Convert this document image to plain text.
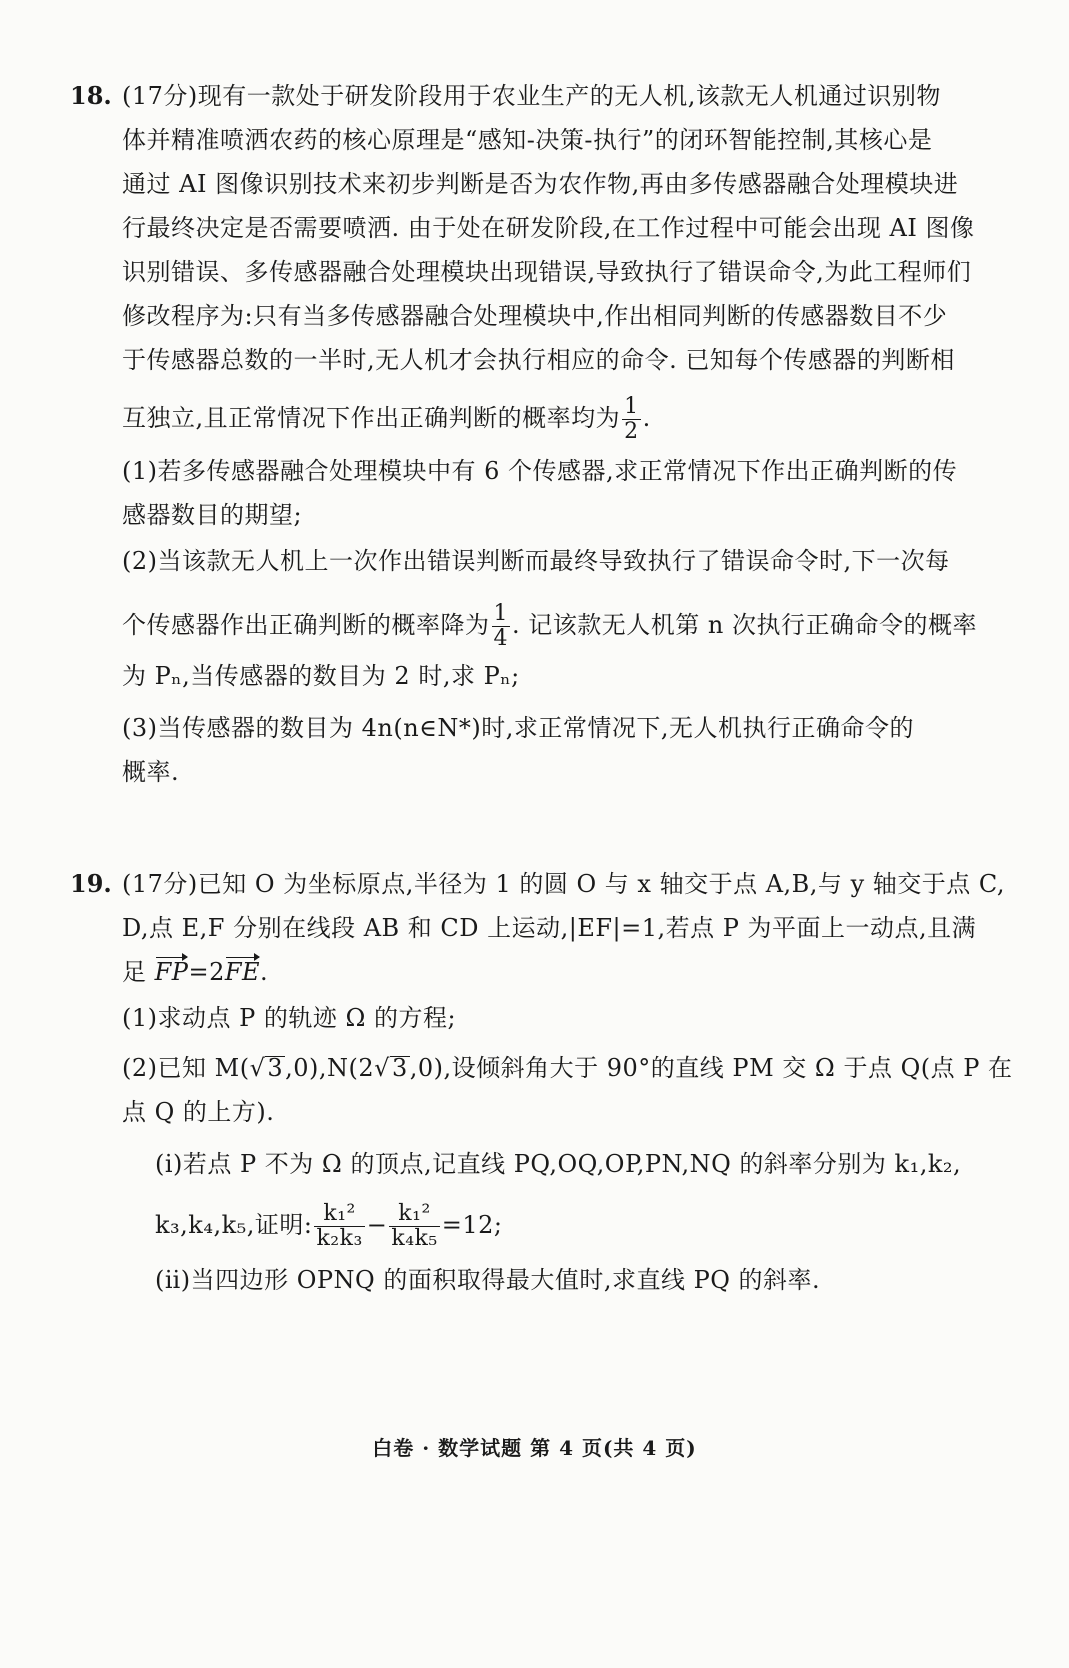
18. (17分)现有一款处于研发阶段用于农业生产的无人机,该款无人机通过识别物
体并精准喷洒农药的核心原理是“感知-决策-执行”的闭环智能控制,其核心是
通过 AI 图像识别技术来初步判断是否为农作物,再由多传感器融合处理模块进
行最终决定是否需要喷洒. 由于处在研发阶段,在工作过程中可能会出现 AI 图像
识别错误、多传感器融合处理模块出现错误,导致执行了错误命令,为此工程师们
修改程序为:只有当多传感器融合处理模块中,作出相同判断的传感器数目不少
于传感器总数的一半时,无人机才会执行相应的命令. 已知每个传感器的判断相
互独立,且正常情况下作出正确判断的概率均为 $\frac{1}{2}$ .
(1)若多传感器融合处理模块中有 6 个传感器,求正常情况下作出正确判断的传
感器数目的期望;
(2)当该款无人机上一次作出错误判断而最终导致执行了错误命令时,下一次每
个传感器作出正确判断的概率降为 $\frac{1}{4}$ . 记该款无人机第 n 次执行正确命令的概率
为 Pₙ,当传感器的数目为 2 时,求 Pₙ;
(3)当传感器的数目为 4n(n∈N*)时,求正常情况下,无人机执行正确命令的
概率.
19. (17分)已知 O 为坐标原点,半径为 1 的圆 O 与 x 轴交于点 A,B,与 y 轴交于点 C,
D,点 E,F 分别在线段 AB 和 CD 上运动,|EF|=1,若点 P 为平面上一动点,且满
足 FP=2FE.
(1)求动点 P 的轨迹 Ω 的方程;
(2)已知 M(√3,0),N(2√3,0),设倾斜角大于 90°的直线 PM 交 Ω 于点 Q(点 P 在
点 Q 的上方).
(ⅰ)若点 P 不为 Ω 的顶点,记直线 PQ,OQ,OP,PN,NQ 的斜率分别为 k₁,k₂,
k₃,k₄,k₅,证明: $\frac{\text{k₁²}}{\text{k₂k₃}} - \frac{\text{k₁²}}{\text{k₄k₅}} =12$;
(ⅱ)当四边形 OPNQ 的面积取得最大值时,求直线 PQ 的斜率.
白卷 · 数学试题 第 4 页(共 4 页)
